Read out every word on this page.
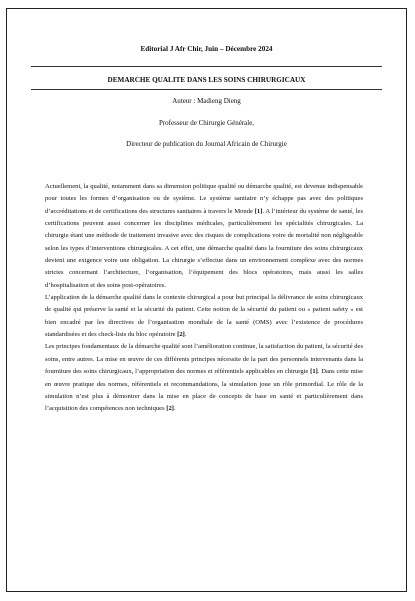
Editorial J Afr Chir, Juin – Décembre 2024
DEMARCHE QUALITE DANS LES SOINS CHIRURGICAUX
Auteur : Madieng Dieng
Professeur de Chirurgie Générale,
Directeur de publication du Journal Africain de Chirurgie

Actuellement, la qualité, notamment dans sa dimension politique qualité ou démarche qualité, est devenue indispensable pour toutes les formes d’organisation ou de système. Le système sanitaire n’y échappe pas avec des politiques d’accréditations et de certifications des structures sanitaires à travers le Monde [1]. A l’intérieur du système de santé, les certifications peuvent aussi concerner les disciplines médicales, particulièrement les spécialités chirurgicales. La chirurgie étant une méthode de traitement invasive avec des risques de complications voire de mortalité non négligeable selon les types d’interventions chirurgicales. A cet effet, une démarche qualité dans la fourniture des soins chirurgicaux devient une exigence voire une obligation. La chirurgie s’effectue dans un environnement complexe avec des normes strictes concernant l’architecture, l’organisation, l’équipement des blocs opératoires, mais aussi les salles d’hospitalisation et des soins post-opératoires.

L’application de la démarche qualité dans le contexte chirurgical a pour but principal la délivrance de soins chirurgicaux de qualité qui préserve la santé et la sécurité du patient. Cette notion de la sécurité du patient ou « patient safety » est bien encadré par les directives de l’organisation mondiale de la santé (OMS) avec l’existence de procédures standardisées et des check-lists du bloc opératoire [2].

Les principes fondamentaux de la démarche qualité sont l’amélioration continue, la satisfaction du patient, la sécurité des soins, entre autres. La mise en œuvre de ces différents principes nécessite de la part des personnels intervenants dans la fourniture des soins chirurgicaux, l’appropriation des normes et référentiels applicables en chirurgie [1]. Dans cette mise en œuvre pratique des normes, référentiels et recommandations, la simulation joue un rôle primordial. Le rôle de la simulation n’est plus à démontrer dans la mise en place de concepts de base en santé et particulièrement dans l’acquisition des compétences non techniques [2].
